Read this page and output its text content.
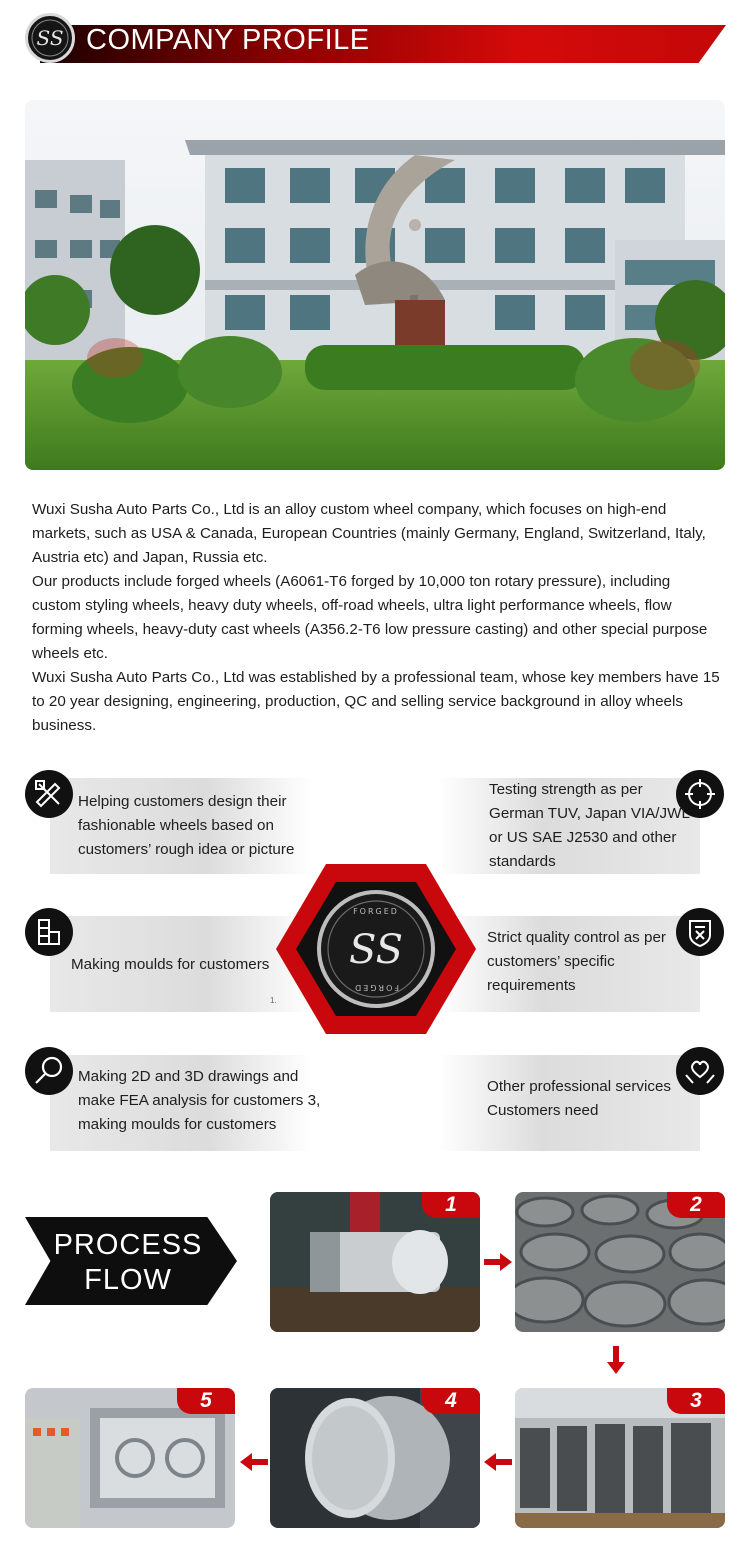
SS COMPANY PROFILE

Wuxi Susha Auto Parts Co., Ltd is an alloy custom wheel company, which focuses on high-end markets, such as USA & Canada, European Countries (mainly Germany, England, Switzerland, Italy, Austria etc) and Japan, Russia etc.

Our products include forged wheels (A6061-T6 forged by 10,000 ton rotary pressure), including custom styling wheels, heavy duty wheels, off-road wheels, ultra light performance wheels, flow forming wheels, heavy-duty cast wheels (A356.2-T6 low pressure casting) and other special purpose wheels etc.

Wuxi Susha Auto Parts Co., Ltd was established by a professional team, whose key members have 15 to 20 year designing, engineering, production, QC and selling service background in alloy wheels business.

Helping customers design their fashionable wheels based on customers’ rough idea or picture
Making moulds for customers
Making 2D and 3D drawings and make FEA analysis for customers 3, making moulds for customers
Testing strength as per German TUV, Japan VIA/JWL or US SAE J2530 and other standards
Strict quality control as per customers’ specific requirements
Other professional services Customers need
1.
SS
FORGED
FORGED
PROCESS
FLOW
1	2
3
4
5
